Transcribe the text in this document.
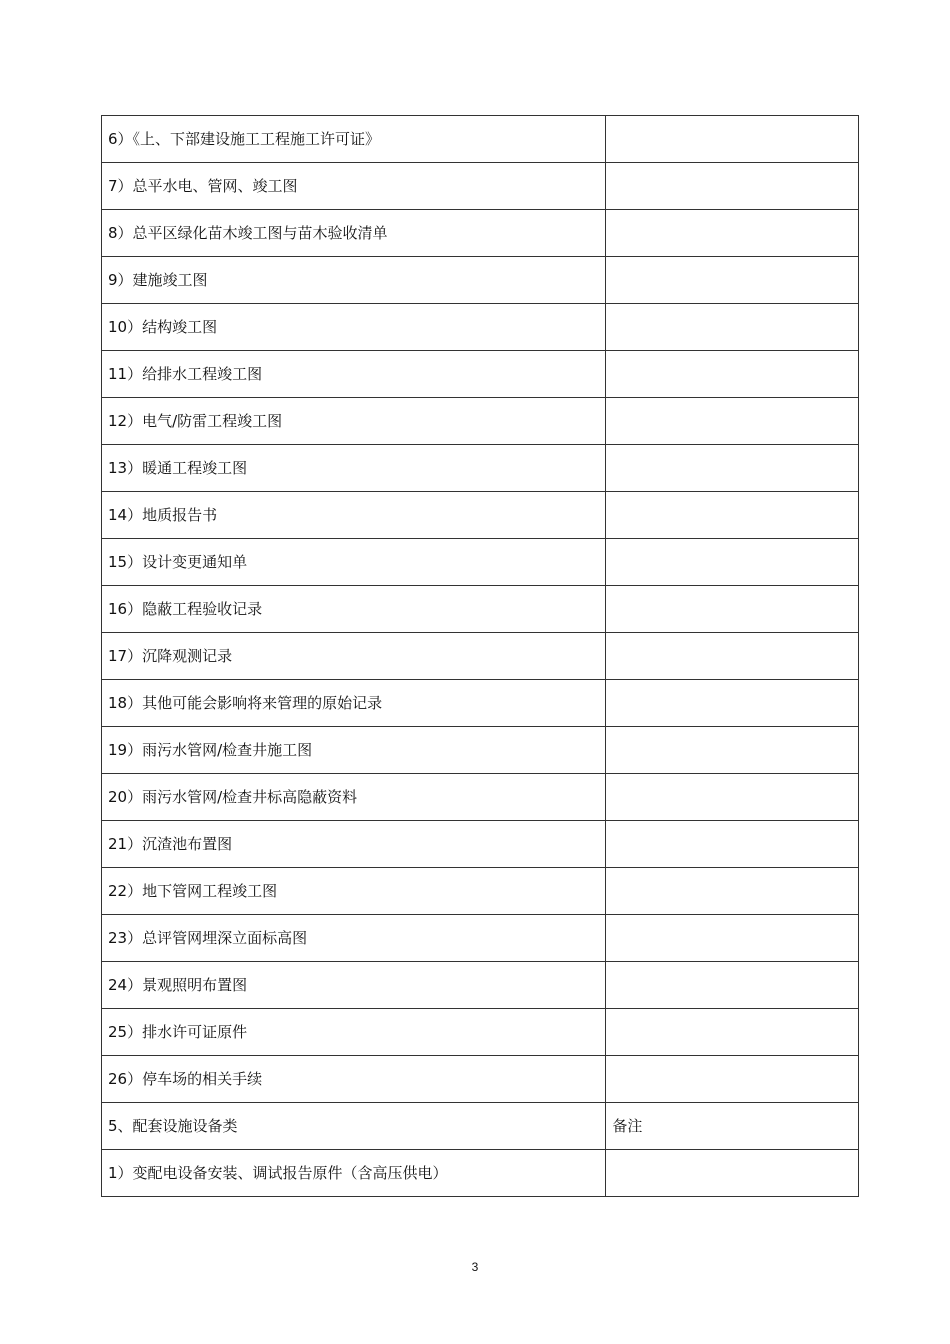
6）《上、下部建设施工工程施工许可证》	
7）总平水电、管网、竣工图	
8）总平区绿化苗木竣工图与苗木验收清单	
9）建施竣工图	
10）结构竣工图	
11）给排水工程竣工图	
12）电气/防雷工程竣工图	
13）暖通工程竣工图	
14）地质报告书	
15）设计变更通知单	
16）隐蔽工程验收记录	
17）沉降观测记录	
18）其他可能会影响将来管理的原始记录	
19）雨污水管网/检查井施工图	
20）雨污水管网/检查井标高隐蔽资料	
21）沉渣池布置图	
22）地下管网工程竣工图	
23）总评管网埋深立面标高图	
24）景观照明布置图	
25）排水许可证原件	
26）停车场的相关手续	
5、配套设施设备类	备注
1）变配电设备安装、调试报告原件（含高压供电）	
3
